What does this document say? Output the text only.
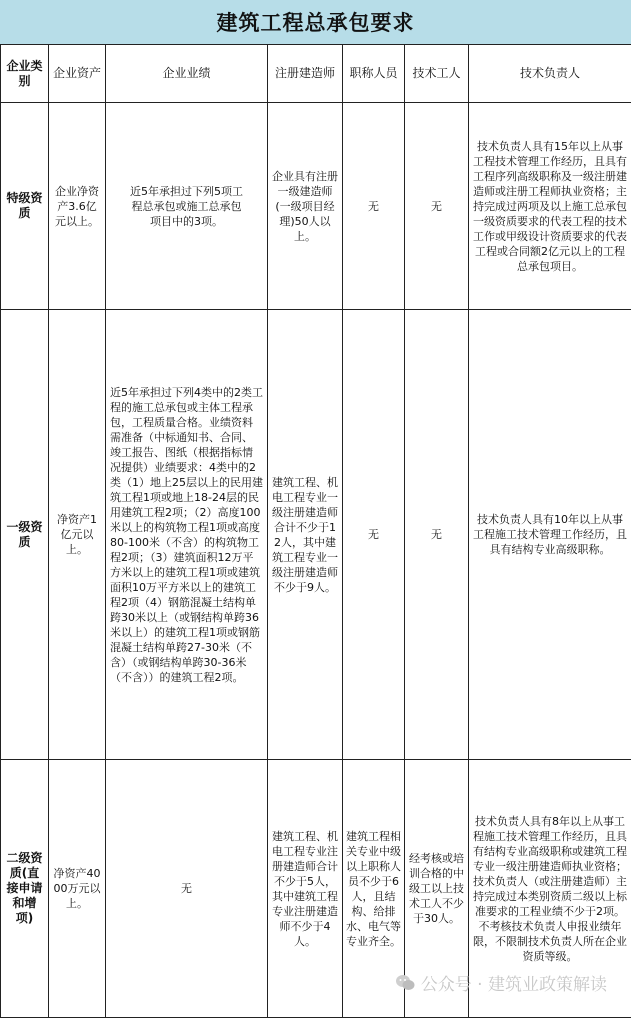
建筑工程总承包要求
企业类别	企业资产	企业业绩	注册建造师	职称人员	技术工人	技术负责人
特级资质	企业净资产3.6亿元以上。	近5年承担过下列5项工程总承包或施工总承包项目中的3项。	企业具有注册一级建造师(一级项目经理)50人以上。	无	无	技术负责人具有15年以上从事工程技术管理工作经历，且具有工程序列高级职称及一级注册建造师或注册工程师执业资格；主持完成过两项及以上施工总承包一级资质要求的代表工程的技术工作或甲级设计资质要求的代表工程或合同额2亿元以上的工程总承包项目。
一级资质	净资产1亿元以上。	近5年承担过下列4类中的2类工程的施工总承包或主体工程承包，工程质量合格。业绩资料需准备（中标通知书、合同、竣工报告、图纸（根据指标情况提供）业绩要求：4类中的2类（1）地上25层以上的民用建筑工程1项或地上18-24层的民用建筑工程2项；（2）高度100米以上的构筑物工程1项或高度80-100米（不含）的构筑物工程2项；（3）建筑面积12万平方米以上的建筑工程1项或建筑面积10万平方米以上的建筑工程2项（4）钢筋混凝土结构单跨30米以上（或钢结构单跨36米以上）的建筑工程1项或钢筋混凝土结构单跨27-30米（不含）（或钢结构单跨30-36米（不含））的建筑工程2项。	建筑工程、机电工程专业一级注册建造师合计不少于12人，其中建筑工程专业一级注册建造师不少于9人。	无	无	技术负责人具有10年以上从事工程施工技术管理工作经历，且具有结构专业高级职称。
二级资质(直接申请和增项)	净资产4000万元以上。	无	建筑工程、机电工程专业注册建造师合计不少于5人，其中建筑工程专业注册建造师不少于4人。	建筑工程相关专业中级以上职称人员不少于6人，且结构、给排水、电气等专业齐全。	经考核或培训合格的中级工以上技术工人不少于30人。	技术负责人具有8年以上从事工程施工技术管理工作经历，且具有结构专业高级职称或建筑工程专业一级注册建造师执业资格；技术负责人（或注册建造师）主持完成过本类别资质二级以上标准要求的工程业绩不少于2项。不考核技术负责人申报业绩年限，不限制技术负责人所在企业资质等级。
公众号 · 建筑业政策解读
